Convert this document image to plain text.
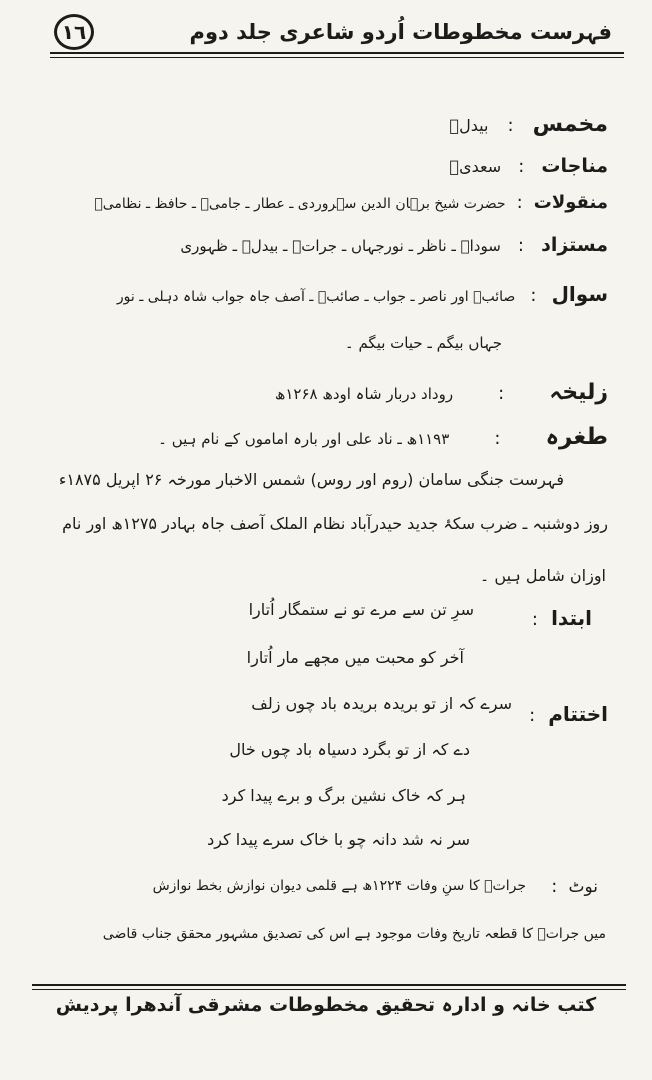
١٦	فہرست مخطوطات اُردو شاعری جلد دوم
مخمس : بیدلؔ
مناجات : سعدیؔ
منقولات : حضرت شیخ برہان الدین سہروردی ـ عطار ـ جامیؔ ـ حافظ ـ نظامیؔ
مستزاد : سوداؔ ـ ناظر ـ نورجہاں ـ جراتؔ ـ بیدلؔ ـ ظہوری
سوال : صائبؔ اور ناصر ـ جواب ـ صائبؔ ـ آصف جاہ جواب شاہ دہلی ـ نور
جہاں بیگم ـ حیات بیگم ۔
زلیخہ : روداد دربار شاہ اودھ ۱۲۶۸ھ
طغرہ : ۱۱۹۳ھ ـ ناد علی اور بارہ اماموں کے نام ہیں ۔
فہرست جنگی سامان (روم اور روس) شمس الاخبار مورخہ ۲۶ اپریل ۱۸۷۵ء
روز دوشنبہ ـ ضرب سکۂ جدید حیدرآباد نظام الملک آصف جاہ بہادر ۱۲۷۵ھ اور نام
اوزان شامل ہیں ۔
ابتدا :
سرِ تن سے مرے تو نے ستمگار اُتارا
آخر کو محبت میں مجھے مار اُتارا
اختتام :
سرے کہ از تو بریدہ بریدہ باد چوں زلف
دے کہ از تو بگرد دسیاہ باد چوں خال
ہر کہ خاک نشین برگ و برے پیدا کرد
سر نہ شد دانہ چو با خاک سرے پیدا کرد
نوٹ :
جراتؔ کا سنِ وفات ۱۲۲۴ھ ہے قلمی دیوان نوازش بخط نوازش
میں جراتؔ کا قطعہ تاریخ وفات موجود ہے اس کی تصدیق مشہور محقق جناب قاضی
کتب خانہ و ادارہ تحقیق مخطوطات مشرقی آندھرا پردیش
